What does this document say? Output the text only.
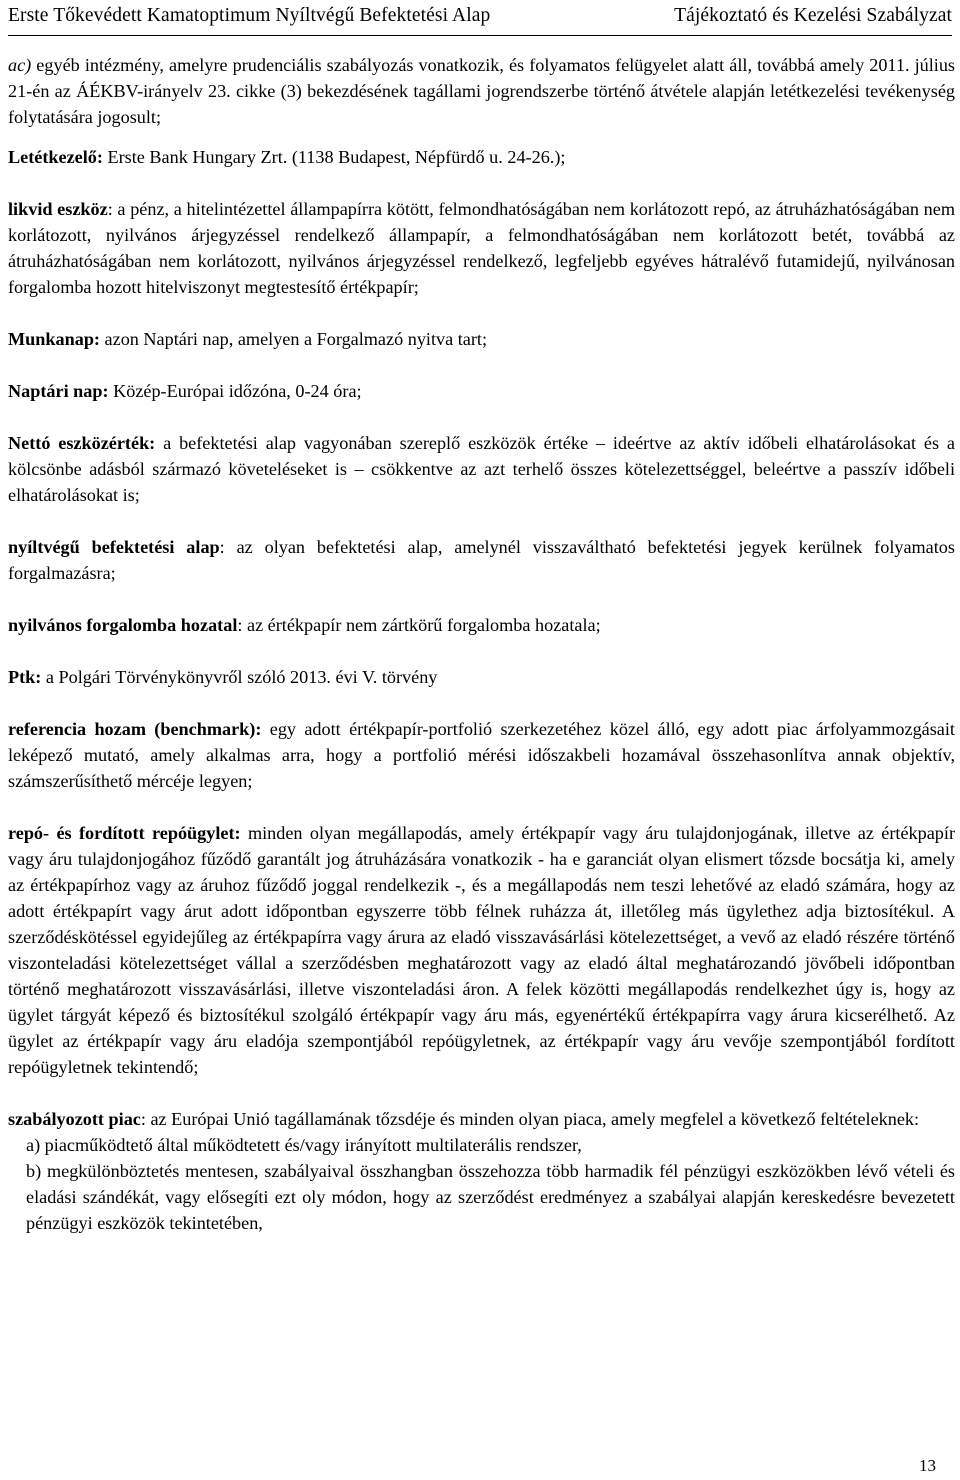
Erste Tőkevédett Kamatoptimum Nyíltvégű Befektetési Alap	Tájékoztató és Kezelési Szabályzat

ac) egyéb intézmény, amelyre prudenciális szabályozás vonatkozik, és folyamatos felügyelet alatt áll, továbbá amely 2011. július 21-én az ÁÉKBV-irányelv 23. cikke (3) bekezdésének tagállami jogrendszerbe történő átvétele alapján letétkezelési tevékenység folytatására jogosult;

Letétkezelő: Erste Bank Hungary Zrt. (1138 Budapest, Népfürdő u. 24-26.);

likvid eszköz: a pénz, a hitelintézettel állampapírra kötött, felmondhatóságában nem korlátozott repó, az átruházhatóságában nem korlátozott, nyilvános árjegyzéssel rendelkező állampapír, a felmondhatóságában nem korlátozott betét, továbbá az átruházhatóságában nem korlátozott, nyilvános árjegyzéssel rendelkező, legfeljebb egyéves hátralévő futamidejű, nyilvánosan forgalomba hozott hitelviszonyt megtestesítő értékpapír;

Munkanap: azon Naptári nap, amelyen a Forgalmazó nyitva tart;

Naptári nap: Közép-Európai időzóna, 0-24 óra;

Nettó eszközérték: a befektetési alap vagyonában szereplő eszközök értéke – ideértve az aktív időbeli elhatárolásokat és a kölcsönbe adásból származó követeléseket is – csökkentve az azt terhelő összes kötelezettséggel, beleértve a passzív időbeli elhatárolásokat is;

nyíltvégű befektetési alap: az olyan befektetési alap, amelynél visszaváltható befektetési jegyek kerülnek folyamatos forgalmazásra;

nyilvános forgalomba hozatal: az értékpapír nem zártkörű forgalomba hozatala;

Ptk: a Polgári Törvénykönyvről szóló 2013. évi V. törvény

referencia hozam (benchmark): egy adott értékpapír-portfolió szerkezetéhez közel álló, egy adott piac árfolyammozgásait leképező mutató, amely alkalmas arra, hogy a portfolió mérési időszakbeli hozamával összehasonlítva annak objektív, számszerűsíthető mércéje legyen;

repó- és fordított repóügylet: minden olyan megállapodás, amely értékpapír vagy áru tulajdonjogának, illetve az értékpapír vagy áru tulajdonjogához fűződő garantált jog átruházására vonatkozik - ha e garanciát olyan elismert tőzsde bocsátja ki, amely az értékpapírhoz vagy az áruhoz fűződő joggal rendelkezik -, és a megállapodás nem teszi lehetővé az eladó számára, hogy az adott értékpapírt vagy árut adott időpontban egyszerre több félnek ruházza át, illetőleg más ügylethez adja biztosítékul. A szerződéskötéssel egyidejűleg az értékpapírra vagy árura az eladó visszavásárlási kötelezettséget, a vevő az eladó részére történő viszonteladási kötelezettséget vállal a szerződésben meghatározott vagy az eladó által meghatározandó jövőbeli időpontban történő meghatározott visszavásárlási, illetve viszonteladási áron. A felek közötti megállapodás rendelkezhet úgy is, hogy az ügylet tárgyát képező és biztosítékul szolgáló értékpapír vagy áru más, egyenértékű értékpapírra vagy árura kicserélhető. Az ügylet az értékpapír vagy áru eladója szempontjából repóügyletnek, az értékpapír vagy áru vevője szempontjából fordított repóügyletnek tekintendő;

szabályozott piac: az Európai Unió tagállamának tőzsdéje és minden olyan piaca, amely megfelel a következő feltételeknek:

a) piacműködtető által működtetett és/vagy irányított multilaterális rendszer,

b) megkülönböztetés mentesen, szabályaival összhangban összehozza több harmadik fél pénzügyi eszközökben lévő vételi és eladási szándékát, vagy elősegíti ezt oly módon, hogy az szerződést eredményez a szabályai alapján kereskedésre bevezetett pénzügyi eszközök tekintetében,

13
